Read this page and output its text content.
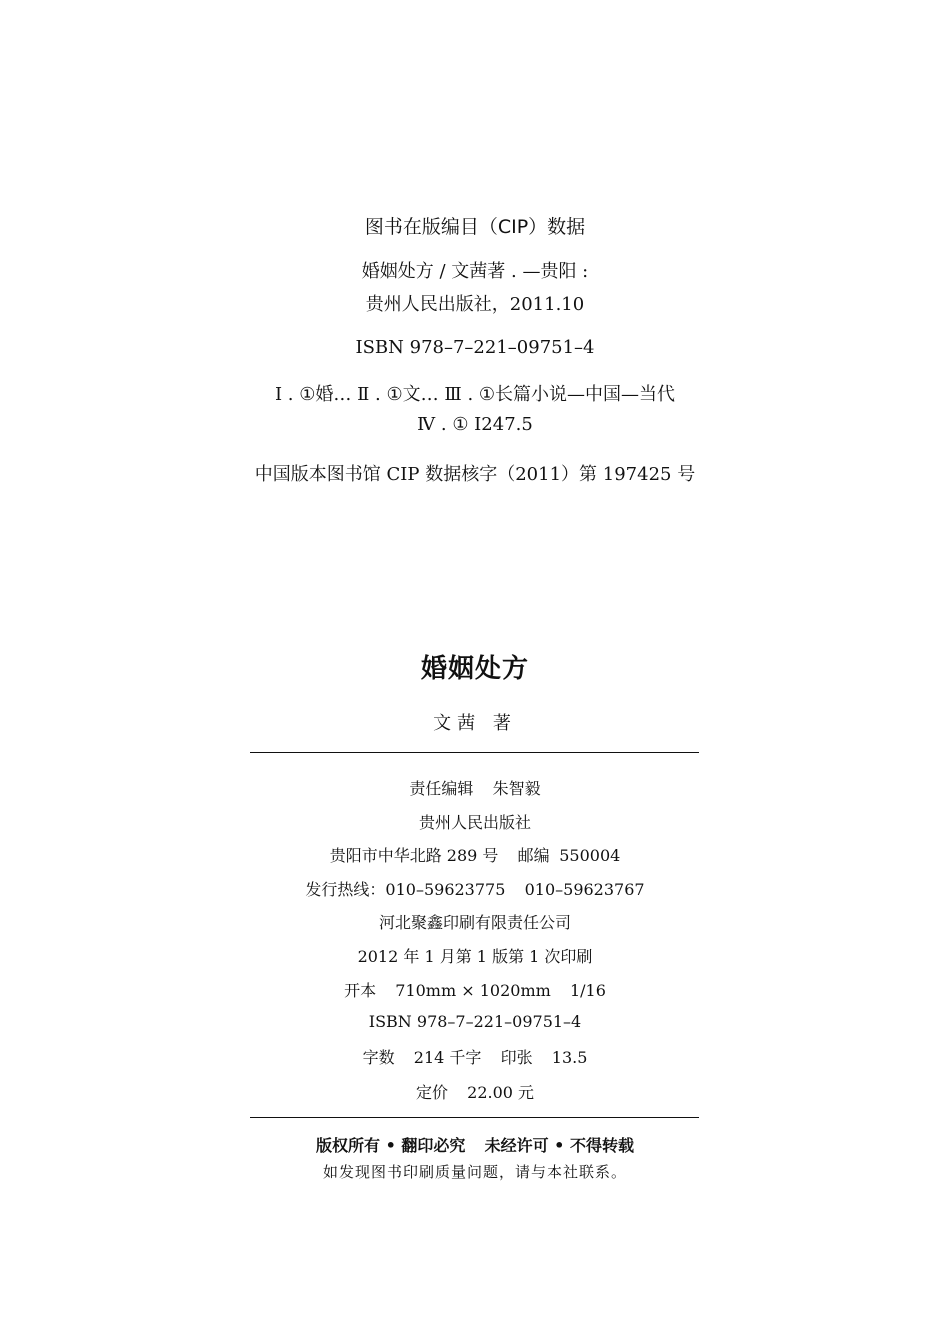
图书在版编目（CIP）数据
婚姻处方 / 文茜著 . —贵阳 :
贵州人民出版社，2011.10
ISBN 978–7–221–09751–4
Ⅰ . ①婚… Ⅱ . ①文… Ⅲ . ①长篇小说—中国—当代
Ⅳ . ① I247.5
中国版本图书馆 CIP 数据核字（2011）第 197425 号
婚姻处方
文茜 著
责任编辑 朱智毅
贵州人民出版社
贵阳市中华北路 289 号 邮编 550004
发行热线：010–59623775 010–59623767
河北聚鑫印刷有限责任公司
2012 年 1 月第 1 版第 1 次印刷
开本 710mm × 1020mm 1/16
ISBN 978–7–221–09751–4
字数 214 千字 印张 13.5
定价 22.00 元
版权所有 • 翻印必究 未经许可 • 不得转载
如发现图书印刷质量问题，请与本社联系。
